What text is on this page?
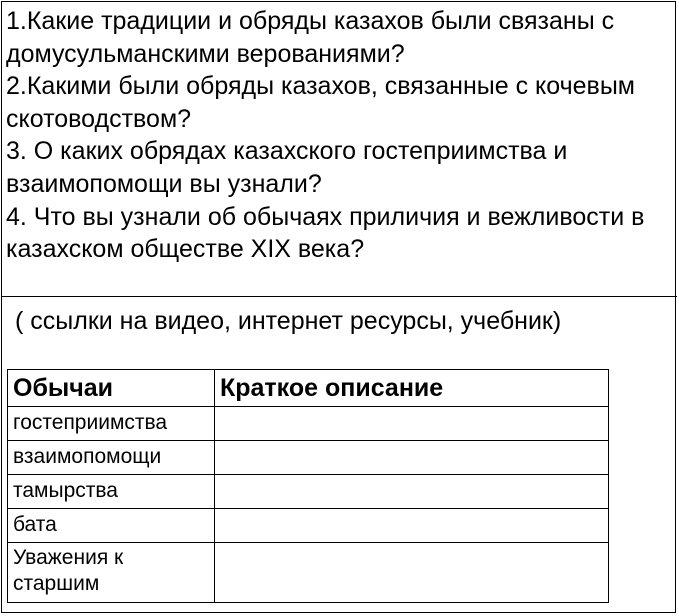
1.Какие традиции и обряды казахов были связаны с домусульманскими верованиями?
2.Какими были обряды казахов, связанные с кочевым скотоводством?
3. О каких обрядах казахского гостеприимства и взаимопомощи вы узнали?
4. Что вы узнали об обычаях приличия и вежливости в казахском обществе XIX века?
( ссылки на видео, интернет ресурсы, учебник)
Обычаи	Краткое описание
гостеприимства	
взаимопомощи	
тамырства	
бата	
Уважения к старшим	
